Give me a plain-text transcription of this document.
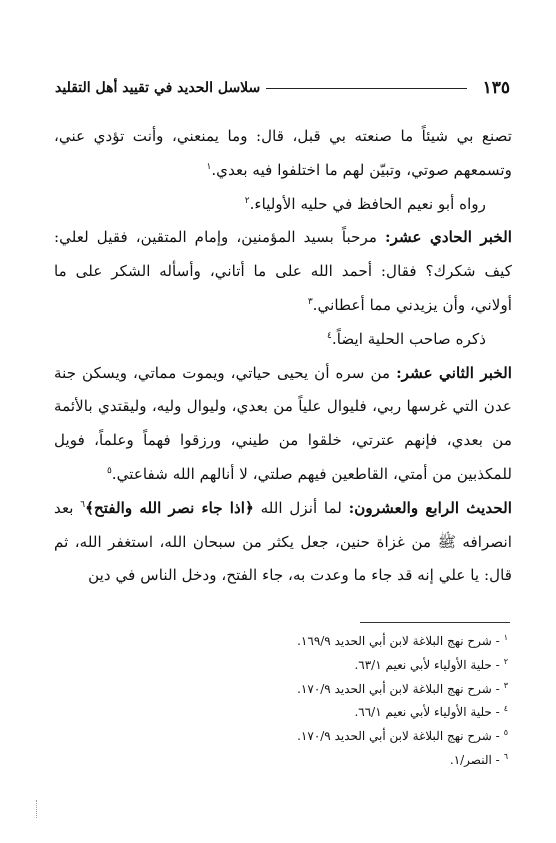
١٣٥
سلاسل الحديد في تقييد أهل التقليد

تصنع بي شيئاً ما صنعته بي قبل، قال: وما يمنعني، وأنت تؤدي عني، وتسمعهم صوتي، وتبيّن لهم ما اختلفوا فيه بعدي.$^١$

رواه أبو نعيم الحافظ في حليه الأولياء.$^٢$

الخبر الحادي عشر: مرحباً بسيد المؤمنين، وإمام المتقين، فقيل لعلي: كيف شكرك؟ فقال: أحمد الله على ما أتاني، وأسأله الشكر على ما أولاني، وأن يزيدني مما أعطاني.$^٣$

ذكره صاحب الحلية ايضاً.$^٤$

الخبر الثاني عشر: من سره أن يحيى حياتي، ويموت مماتي، ويسكن جنة عدن التي غرسها ربي، فليوال علياً من بعدي، وليوال وليه، وليقتدي بالأئمة من بعدي، فإنهم عترتي، خلقوا من طيني، ورزقوا فهماً وعلماً، فويل للمكذبين من أمتي، القاطعين فيهم صلتي، لا أنالهم الله شفاعتي.$^٥$

الحديث الرابع والعشرون: لما أنزل الله ﴿اذا جاء نصر الله والفتح﴾$^٦$ بعد انصرافه ﷺ من غزاة حنين، جعل يكثر من سبحان الله، استغفر الله، ثم قال: يا علي إنه قد جاء ما وعدت به، جاء الفتح، ودخل الناس في دين

$^١$- شرح نهج البلاغة لابن أبي الحديد ١٦٩/٩.
$^٢$- حلية الأولياء لأبي نعيم ٦٣/١.
$^٣$- شرح نهج البلاغة لابن أبي الحديد ١٧٠/٩.
$^٤$- حلية الأولياء لأبي نعيم ٦٦/١.
$^٥$- شرح نهج البلاغة لابن أبي الحديد ١٧٠/٩.
$^٦$- النصر/١.
